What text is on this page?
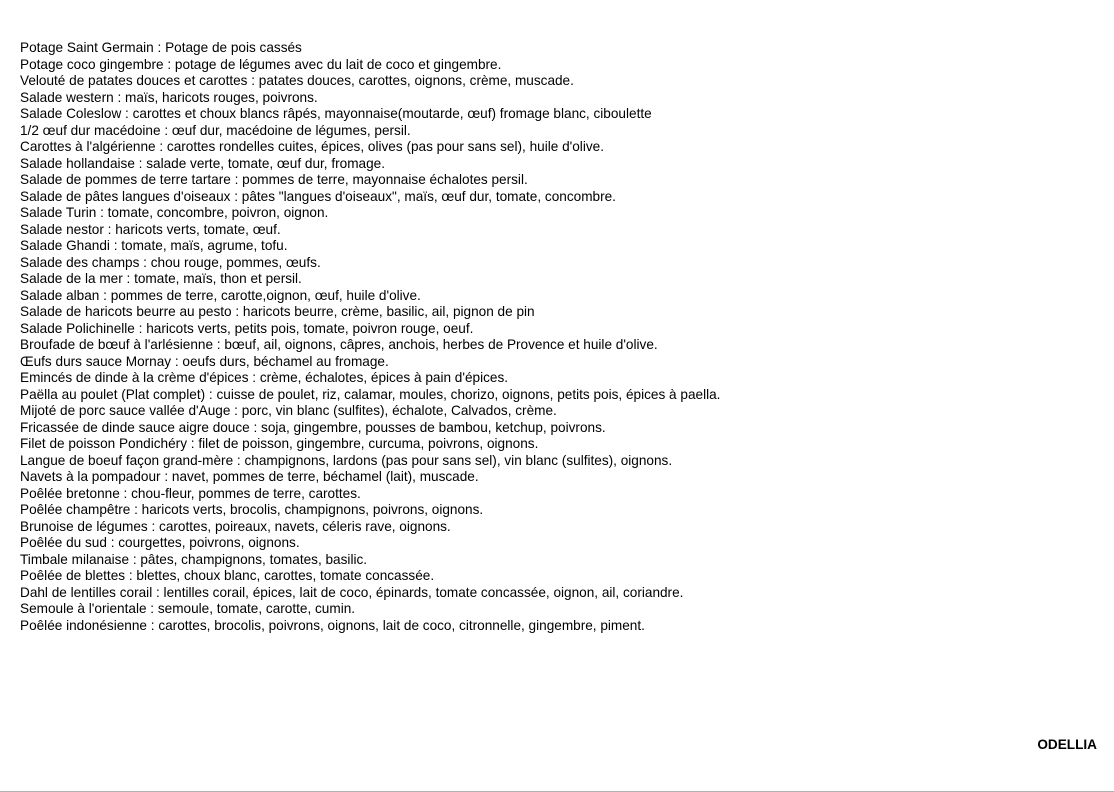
Potage Saint Germain : Potage de pois cassés
Potage coco gingembre : potage de légumes avec du lait de coco et gingembre.
Velouté de patates douces et carottes : patates douces, carottes, oignons, crème, muscade.
Salade western : maïs, haricots rouges, poivrons.
Salade Coleslow : carottes et choux blancs râpés, mayonnaise(moutarde, œuf) fromage blanc, ciboulette
1/2 œuf dur macédoine : œuf dur, macédoine de légumes, persil.
Carottes à l'algérienne : carottes rondelles cuites, épices, olives (pas pour sans sel), huile d'olive.
Salade hollandaise : salade verte, tomate, œuf dur, fromage.
Salade de pommes de terre tartare : pommes de terre, mayonnaise échalotes persil.
Salade de pâtes langues d'oiseaux : pâtes "langues d'oiseaux", maïs, œuf dur, tomate, concombre.
Salade Turin : tomate, concombre, poivron, oignon.
Salade nestor : haricots verts, tomate, œuf.
Salade Ghandi : tomate, maïs, agrume, tofu.
Salade des champs : chou rouge, pommes, œufs.
Salade de la mer : tomate, maïs, thon et persil.
Salade alban : pommes de terre, carotte,oignon, œuf, huile d'olive.
Salade de haricots beurre au pesto : haricots beurre, crème, basilic, ail, pignon de pin
Salade Polichinelle : haricots verts, petits pois, tomate, poivron rouge, oeuf.
Broufade de bœuf à l'arlésienne : bœuf, ail, oignons, câpres, anchois, herbes de Provence et huile d'olive.
Œufs durs sauce Mornay : oeufs durs, béchamel au fromage.
Emincés de dinde à la crème d'épices : crème, échalotes, épices à pain d'épices.
Paëlla au poulet (Plat complet) : cuisse de poulet, riz, calamar, moules, chorizo, oignons, petits pois, épices à paella.
Mijoté de porc sauce vallée d'Auge : porc, vin blanc (sulfites), échalote, Calvados, crème.
Fricassée de dinde sauce aigre douce : soja, gingembre, pousses de bambou, ketchup, poivrons.
Filet de poisson Pondichéry : filet de poisson, gingembre, curcuma, poivrons, oignons.
Langue de boeuf façon grand-mère : champignons, lardons (pas pour sans sel), vin blanc (sulfites), oignons.
Navets à la pompadour : navet, pommes de terre, béchamel (lait), muscade.
Poêlée bretonne : chou-fleur, pommes de terre, carottes.
Poêlée champêtre : haricots verts, brocolis, champignons, poivrons, oignons.
Brunoise de légumes : carottes, poireaux, navets, céleris rave, oignons.
Poêlée du sud : courgettes, poivrons, oignons.
Timbale milanaise : pâtes, champignons, tomates, basilic.
Poêlée de blettes : blettes, choux blanc, carottes, tomate concassée.
Dahl de lentilles corail : lentilles corail, épices, lait de coco, épinards, tomate concassée, oignon, ail, coriandre.
Semoule à l'orientale : semoule, tomate, carotte, cumin.
Poêlée indonésienne : carottes, brocolis, poivrons, oignons, lait de coco, citronnelle, gingembre, piment.
ODELLIA
